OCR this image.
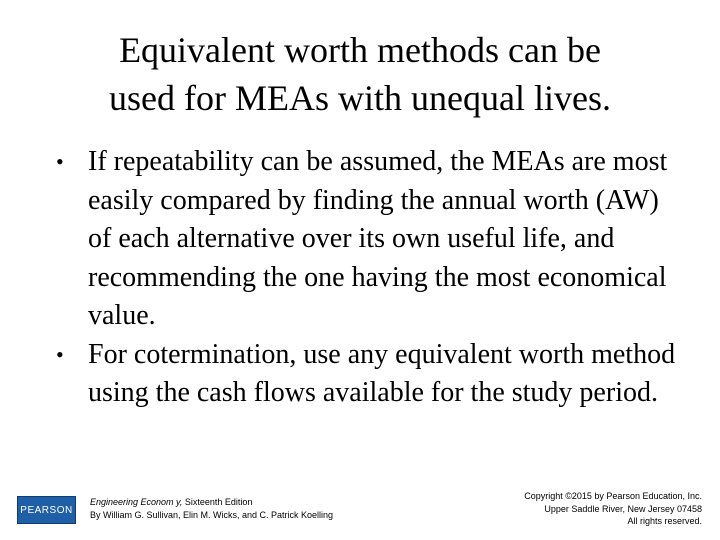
Equivalent worth methods can be
used for MEAs with unequal lives.
• If repeatability can be assumed, the MEAs are most easily compared by finding the annual worth (AW) of each alternative over its own useful life, and recommending the one having the most economical value.
• For cotermination, use any equivalent worth method using the cash flows available for the study period.
PEARSON
Engineering Econom y, Sixteenth Edition
By William G. Sullivan, Elin M. Wicks, and C. Patrick Koelling
Copyright ©2015 by Pearson Education, Inc.
Upper Saddle River, New Jersey 07458
All rights reserved.
